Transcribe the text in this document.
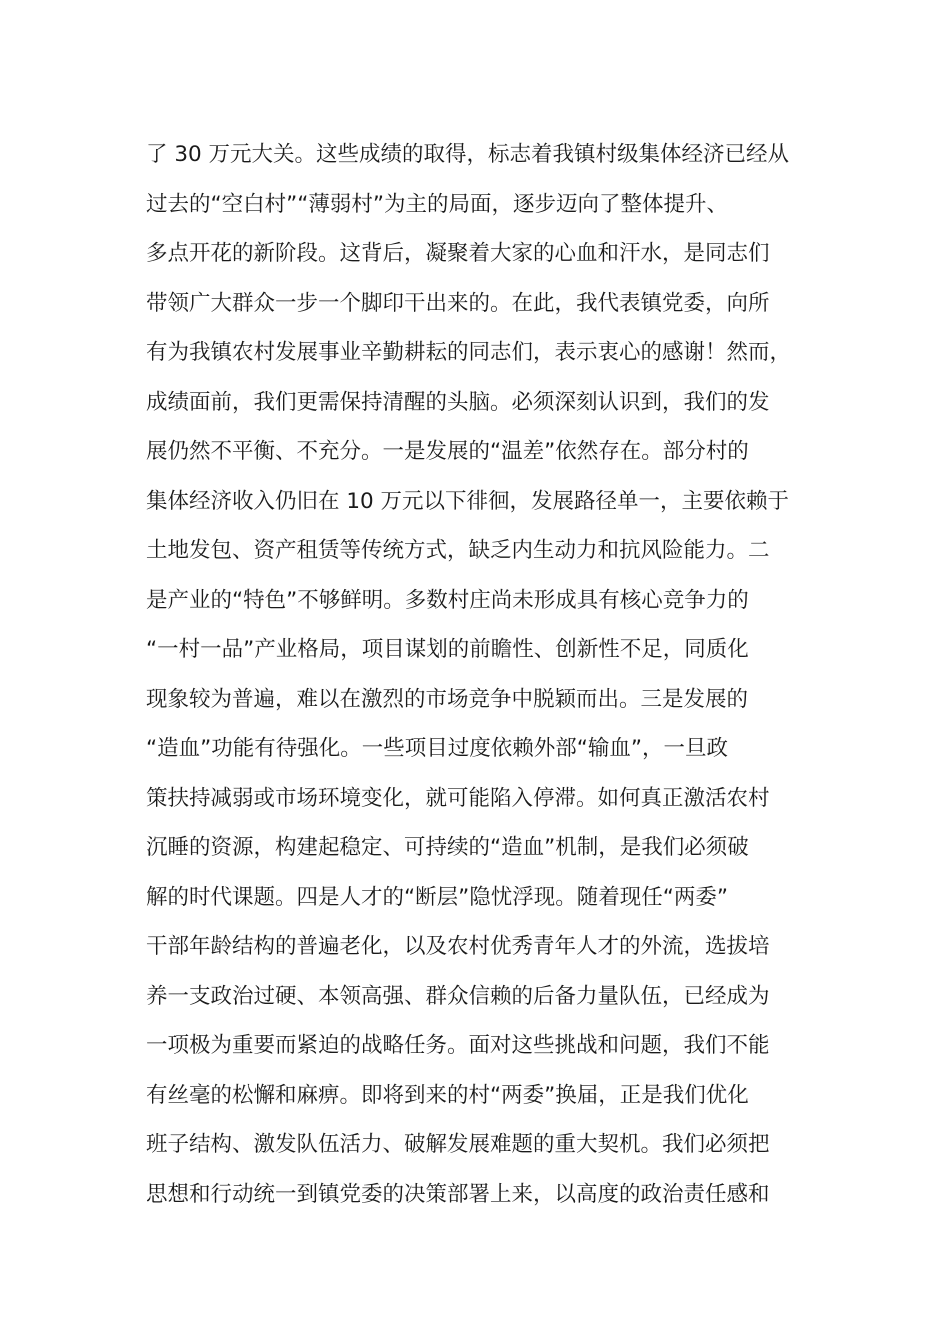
了 30 万元大关。这些成绩的取得，标志着我镇村级集体经济已经从
过去的“空白村”“薄弱村”为主的局面，逐步迈向了整体提升、
多点开花的新阶段。这背后，凝聚着大家的心血和汗水，是同志们
带领广大群众一步一个脚印干出来的。在此，我代表镇党委，向所
有为我镇农村发展事业辛勤耕耘的同志们，表示衷心的感谢！然而，
成绩面前，我们更需保持清醒的头脑。必须深刻认识到，我们的发
展仍然不平衡、不充分。一是发展的“温差”依然存在。部分村的
集体经济收入仍旧在 10 万元以下徘徊，发展路径单一，主要依赖于
土地发包、资产租赁等传统方式，缺乏内生动力和抗风险能力。二
是产业的“特色”不够鲜明。多数村庄尚未形成具有核心竞争力的
“一村一品”产业格局，项目谋划的前瞻性、创新性不足，同质化
现象较为普遍，难以在激烈的市场竞争中脱颖而出。三是发展的
“造血”功能有待强化。一些项目过度依赖外部“输血”，一旦政
策扶持减弱或市场环境变化，就可能陷入停滞。如何真正激活农村
沉睡的资源，构建起稳定、可持续的“造血”机制，是我们必须破
解的时代课题。四是人才的“断层”隐忧浮现。随着现任“两委”
干部年龄结构的普遍老化，以及农村优秀青年人才的外流，选拔培
养一支政治过硬、本领高强、群众信赖的后备力量队伍，已经成为
一项极为重要而紧迫的战略任务。面对这些挑战和问题，我们不能
有丝毫的松懈和麻痹。即将到来的村“两委”换届，正是我们优化
班子结构、激发队伍活力、破解发展难题的重大契机。我们必须把
思想和行动统一到镇党委的决策部署上来，以高度的政治责任感和
